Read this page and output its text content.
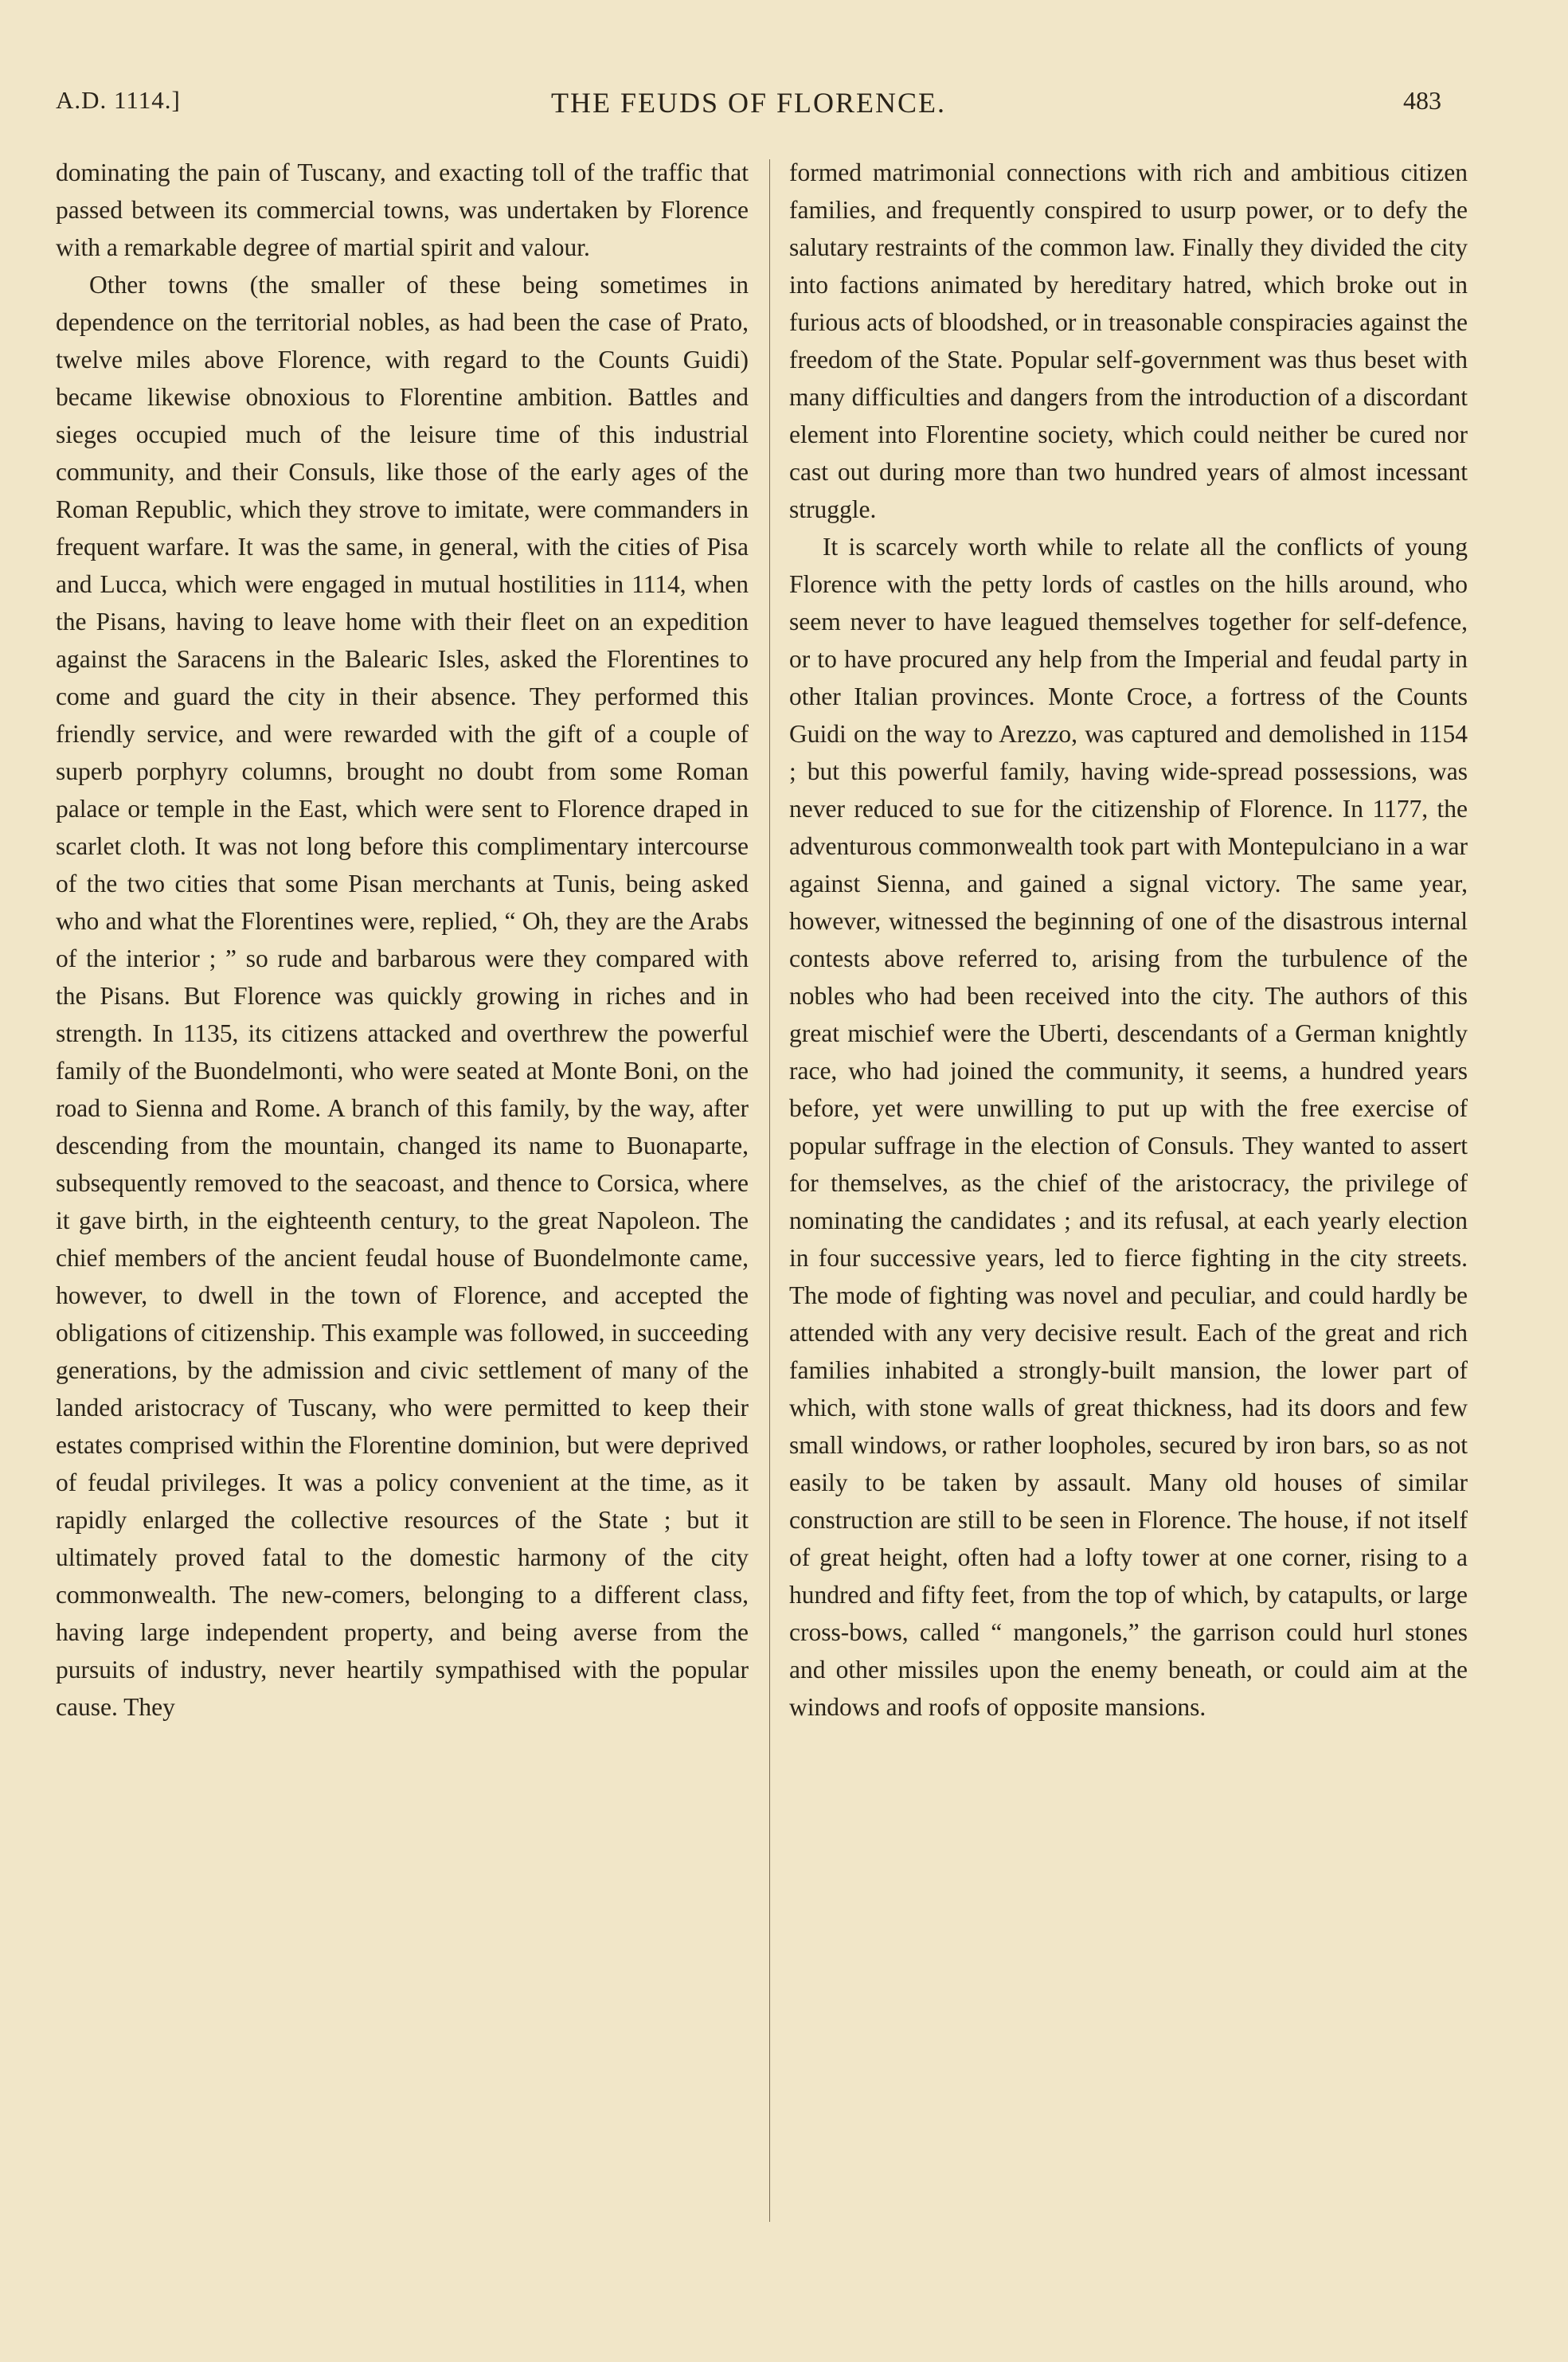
A.D. 1114.]	THE FEUDS OF FLORENCE.	483

dominating the pain of Tuscany, and exacting toll of the traffic that passed between its commercial towns, was undertaken by Florence with a remarkable degree of martial spirit and valour.

Other towns (the smaller of these being sometimes in dependence on the territorial nobles, as had been the case of Prato, twelve miles above Florence, with regard to the Counts Guidi) became likewise obnoxious to Florentine ambition. Battles and sieges occupied much of the leisure time of this industrial community, and their Consuls, like those of the early ages of the Roman Republic, which they strove to imitate, were commanders in frequent warfare. It was the same, in general, with the cities of Pisa and Lucca, which were engaged in mutual hostilities in 1114, when the Pisans, having to leave home with their fleet on an expedition against the Saracens in the Balearic Isles, asked the Florentines to come and guard the city in their absence. They performed this friendly service, and were rewarded with the gift of a couple of superb porphyry columns, brought no doubt from some Roman palace or temple in the East, which were sent to Florence draped in scarlet cloth. It was not long before this complimentary intercourse of the two cities that some Pisan merchants at Tunis, being asked who and what the Florentines were, replied, “ Oh, they are the Arabs of the interior ; ” so rude and barbarous were they compared with the Pisans. But Florence was quickly growing in riches and in strength. In 1135, its citizens attacked and overthrew the powerful family of the Buondelmonti, who were seated at Monte Boni, on the road to Sienna and Rome. A branch of this family, by the way, after descending from the mountain, changed its name to Buonaparte, subsequently removed to the seacoast, and thence to Corsica, where it gave birth, in the eighteenth century, to the great Napoleon. The chief members of the ancient feudal house of Buondelmonte came, however, to dwell in the town of Florence, and accepted the obligations of citizenship. This example was followed, in succeeding generations, by the admission and civic settlement of many of the landed aristocracy of Tuscany, who were permitted to keep their estates comprised within the Florentine dominion, but were deprived of feudal privileges. It was a policy convenient at the time, as it rapidly enlarged the collective resources of the State ; but it ultimately proved fatal to the domestic harmony of the city commonwealth. The new-comers, belonging to a different class, having large independent property, and being averse from the pursuits of industry, never heartily sympathised with the popular cause. They

formed matrimonial connections with rich and ambitious citizen families, and frequently conspired to usurp power, or to defy the salutary restraints of the common law. Finally they divided the city into factions animated by hereditary hatred, which broke out in furious acts of bloodshed, or in treasonable conspiracies against the freedom of the State. Popular self-government was thus beset with many difficulties and dangers from the introduction of a discordant element into Florentine society, which could neither be cured nor cast out during more than two hundred years of almost incessant struggle.

It is scarcely worth while to relate all the conflicts of young Florence with the petty lords of castles on the hills around, who seem never to have leagued themselves together for self-defence, or to have procured any help from the Imperial and feudal party in other Italian provinces. Monte Croce, a fortress of the Counts Guidi on the way to Arezzo, was captured and demolished in 1154 ; but this powerful family, having wide-spread possessions, was never reduced to sue for the citizenship of Florence. In 1177, the adventurous commonwealth took part with Montepulciano in a war against Sienna, and gained a signal victory. The same year, however, witnessed the beginning of one of the disastrous internal contests above referred to, arising from the turbulence of the nobles who had been received into the city. The authors of this great mischief were the Uberti, descendants of a German knightly race, who had joined the community, it seems, a hundred years before, yet were unwilling to put up with the free exercise of popular suffrage in the election of Consuls. They wanted to assert for themselves, as the chief of the aristocracy, the privilege of nominating the candidates ; and its refusal, at each yearly election in four successive years, led to fierce fighting in the city streets. The mode of fighting was novel and peculiar, and could hardly be attended with any very decisive result. Each of the great and rich families inhabited a strongly-built mansion, the lower part of which, with stone walls of great thickness, had its doors and few small windows, or rather loopholes, secured by iron bars, so as not easily to be taken by assault. Many old houses of similar construction are still to be seen in Florence. The house, if not itself of great height, often had a lofty tower at one corner, rising to a hundred and fifty feet, from the top of which, by catapults, or large cross-bows, called “ mangonels,” the garrison could hurl stones and other missiles upon the enemy beneath, or could aim at the windows and roofs of opposite mansions.
